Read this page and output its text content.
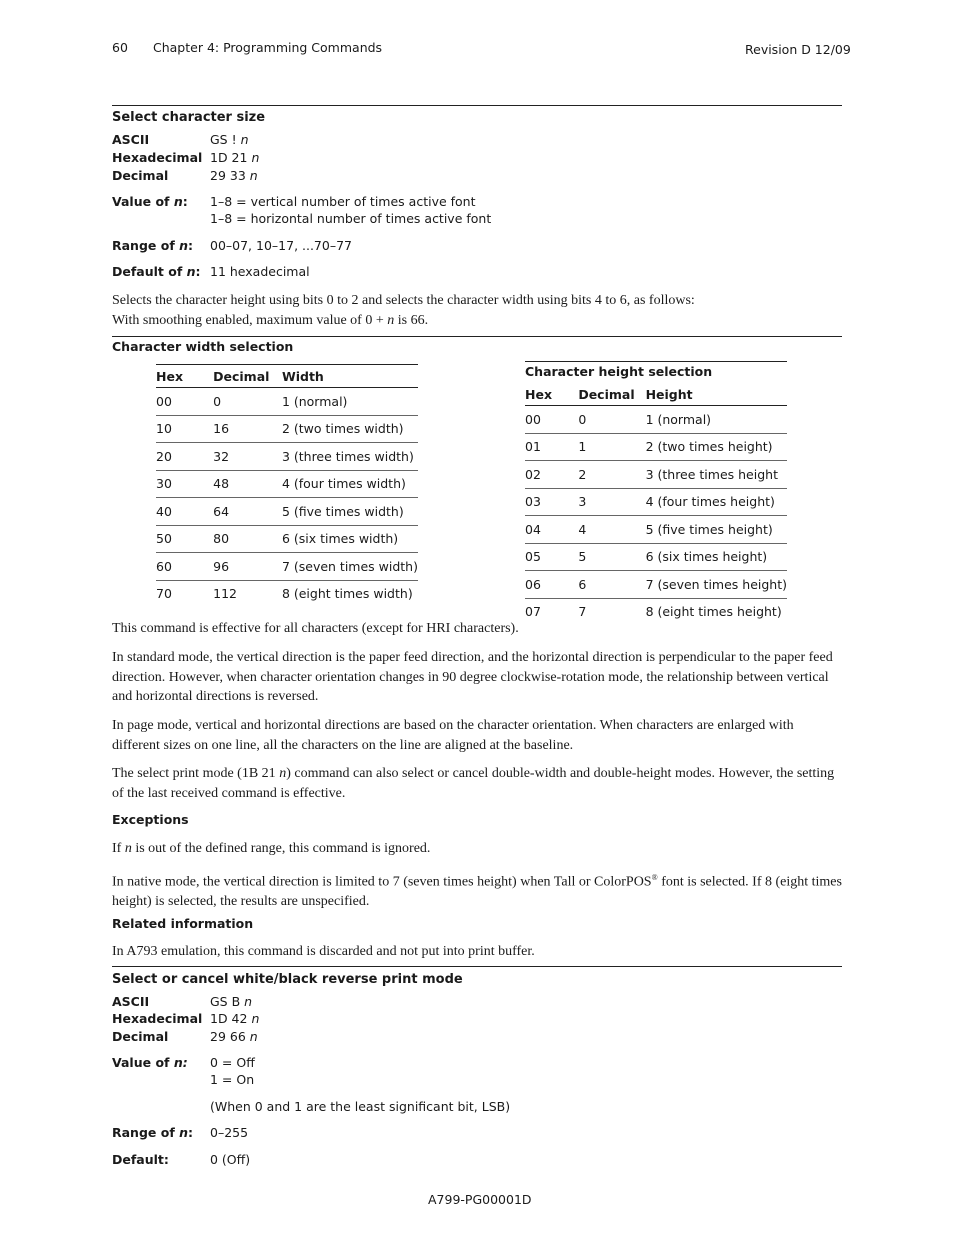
60 Chapter 4: Programming Commands	Revision D 12/09
Select character size
ASCII	GS ! n
Hexadecimal 1D 21 n
Decimal	29 33 n
Value of n: 1–8 = vertical number of times active font
1–8 = horizontal number of times active font
Range of n: 00–07, 10–17, ...70–77
Default of n: 11 hexadecimal
Selects the character height using bits 0 to 2 and selects the character width using bits 4 to 6, as follows:
With smoothing enabled, maximum value of 0 + n is 66.
Character width selection
Hex	Decimal	Width
00	0	1 (normal)
10	16	2 (two times width)
20	32	3 (three times width)
30	48	4 (four times width)
40	64	5 (five times width)
50	80	6 (six times width)
60	96	7 (seven times width)
70	112	8 (eight times width)
Character height selection
Hex	Decimal	Height
00	0	1 (normal)
01	1	2 (two times height)
02	2	3 (three times height
03	3	4 (four times height)
04	4	5 (five times height)
05	5	6 (six times height)
06	6	7 (seven times height)
07	7	8 (eight times height)
This command is effective for all characters (except for HRI characters).
In standard mode, the vertical direction is the paper feed direction, and the horizontal direction is perpendicular to the paper feed direction. However, when character orientation changes in 90 degree clockwise-rotation mode, the relationship between vertical and horizontal directions is reversed.
In page mode, vertical and horizontal directions are based on the character orientation. When characters are enlarged with different sizes on one line, all the characters on the line are aligned at the baseline.
The select print mode (1B 21 n) command can also select or cancel double-width and double-height modes. However, the setting of the last received command is effective.
Exceptions
If n is out of the defined range, this command is ignored.
In native mode, the vertical direction is limited to 7 (seven times height) when Tall or ColorPOS® font is selected. If 8 (eight times height) is selected, the results are unspecified.
Related information
In A793 emulation, this command is discarded and not put into print buffer.
Select or cancel white/black reverse print mode
ASCII	GS B n
Hexadecimal 1D 42 n
Decimal	29 66 n
Value of n: 0 = Off
1 = On
(When 0 and 1 are the least significant bit, LSB)
Range of n: 0–255
Default:	0 (Off)
A799-PG00001D
